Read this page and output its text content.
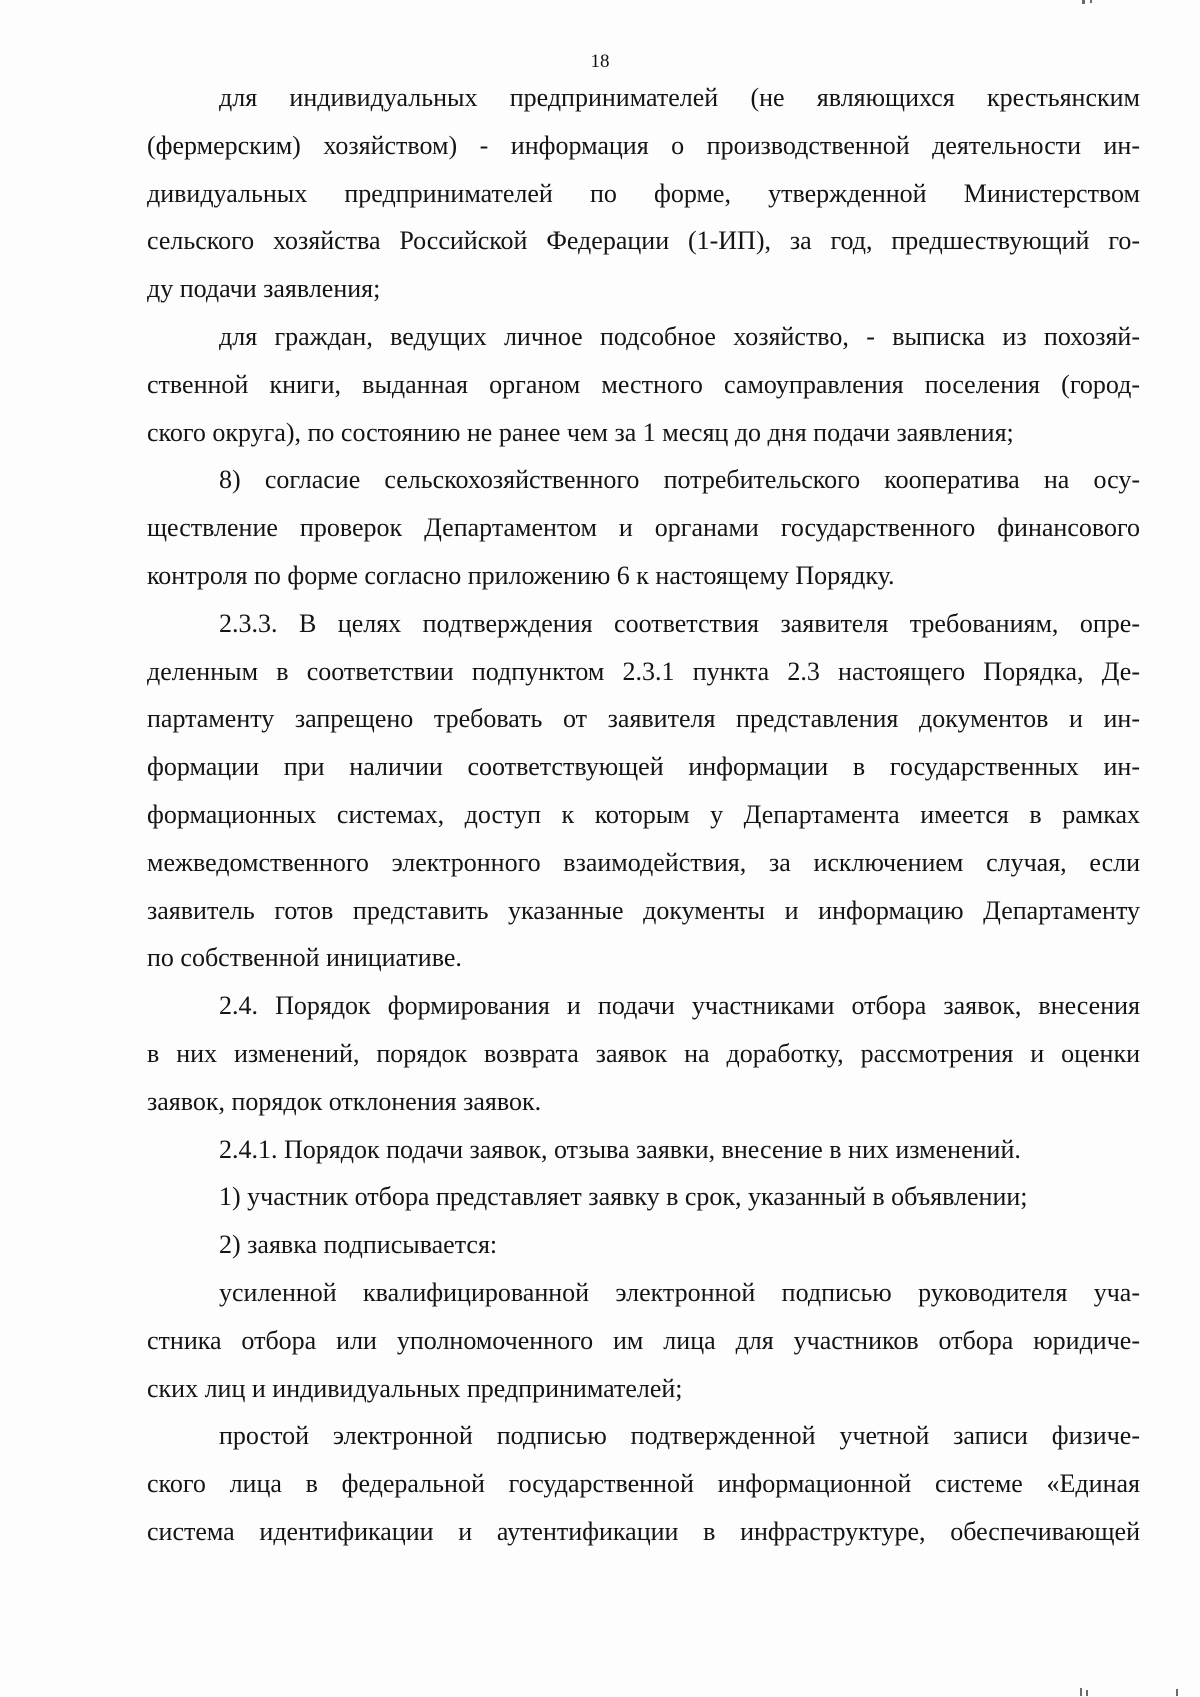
18
для индивидуальных предпринимателей (не являющихся крестьянским
(фермерским) хозяйством) - информация о производственной деятельности ин-
дивидуальных предпринимателей по форме, утвержденной Министерством
сельского хозяйства Российской Федерации (1-ИП), за год, предшествующий го-
ду подачи заявления;
для граждан, ведущих личное подсобное хозяйство, - выписка из похозяй-
ственной книги, выданная органом местного самоуправления поселения (город-
ского округа), по состоянию не ранее чем за 1 месяц до дня подачи заявления;
8) согласие сельскохозяйственного потребительского кооператива на осу-
ществление проверок Департаментом и органами государственного финансового
контроля по форме согласно приложению 6 к настоящему Порядку.
2.3.3. В целях подтверждения соответствия заявителя требованиям, опре-
деленным в соответствии подпунктом 2.3.1 пункта 2.3 настоящего Порядка, Де-
партаменту запрещено требовать от заявителя представления документов и ин-
формации при наличии соответствующей информации в государственных ин-
формационных системах, доступ к которым у Департамента имеется в рамках
межведомственного электронного взаимодействия, за исключением случая, если
заявитель готов представить указанные документы и информацию Департаменту
по собственной инициативе.
2.4. Порядок формирования и подачи участниками отбора заявок, внесения
в них изменений, порядок возврата заявок на доработку, рассмотрения и оценки
заявок, порядок отклонения заявок.
2.4.1. Порядок подачи заявок, отзыва заявки, внесение в них изменений.
1) участник отбора представляет заявку в срок, указанный в объявлении;
2) заявка подписывается:
усиленной квалифицированной электронной подписью руководителя уча-
стника отбора или уполномоченного им лица для участников отбора юридиче-
ских лиц и индивидуальных предпринимателей;
простой электронной подписью подтвержденной учетной записи физиче-
ского лица в федеральной государственной информационной системе «Единая
система идентификации и аутентификации в инфраструктуре, обеспечивающей
